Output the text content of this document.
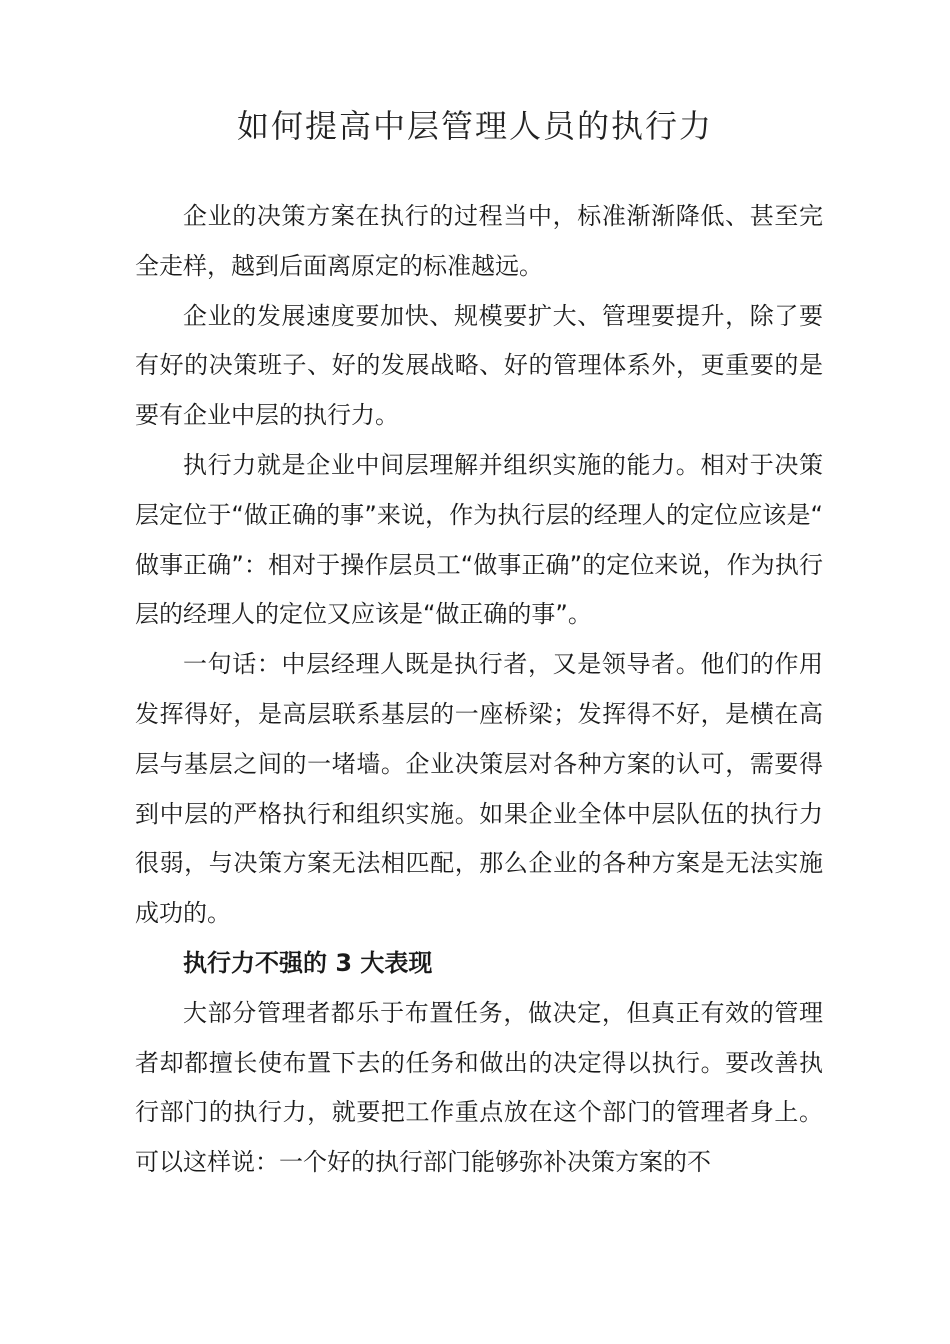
如何提高中层管理人员的执行力

企业的决策方案在执行的过程当中，标准渐渐降低、甚至完全走样，越到后面离原定的标准越远。

企业的发展速度要加快、规模要扩大、管理要提升，除了要有好的决策班子、好的发展战略、好的管理体系外，更重要的是要有企业中层的执行力。

执行力就是企业中间层理解并组织实施的能力。相对于决策层定位于“做正确的事”来说，作为执行层的经理人的定位应该是“做事正确”：相对于操作层员工“做事正确”的定位来说，作为执行层的经理人的定位又应该是“做正确的事”。

一句话：中层经理人既是执行者，又是领导者。他们的作用发挥得好，是高层联系基层的一座桥梁；发挥得不好，是横在高层与基层之间的一堵墙。企业决策层对各种方案的认可，需要得到中层的严格执行和组织实施。如果企业全体中层队伍的执行力很弱，与决策方案无法相匹配，那么企业的各种方案是无法实施成功的。

执行力不强的 3 大表现

大部分管理者都乐于布置任务，做决定，但真正有效的管理者却都擅长使布置下去的任务和做出的决定得以执行。要改善执行部门的执行力，就要把工作重点放在这个部门的管理者身上。可以这样说：一个好的执行部门能够弥补决策方案的不
